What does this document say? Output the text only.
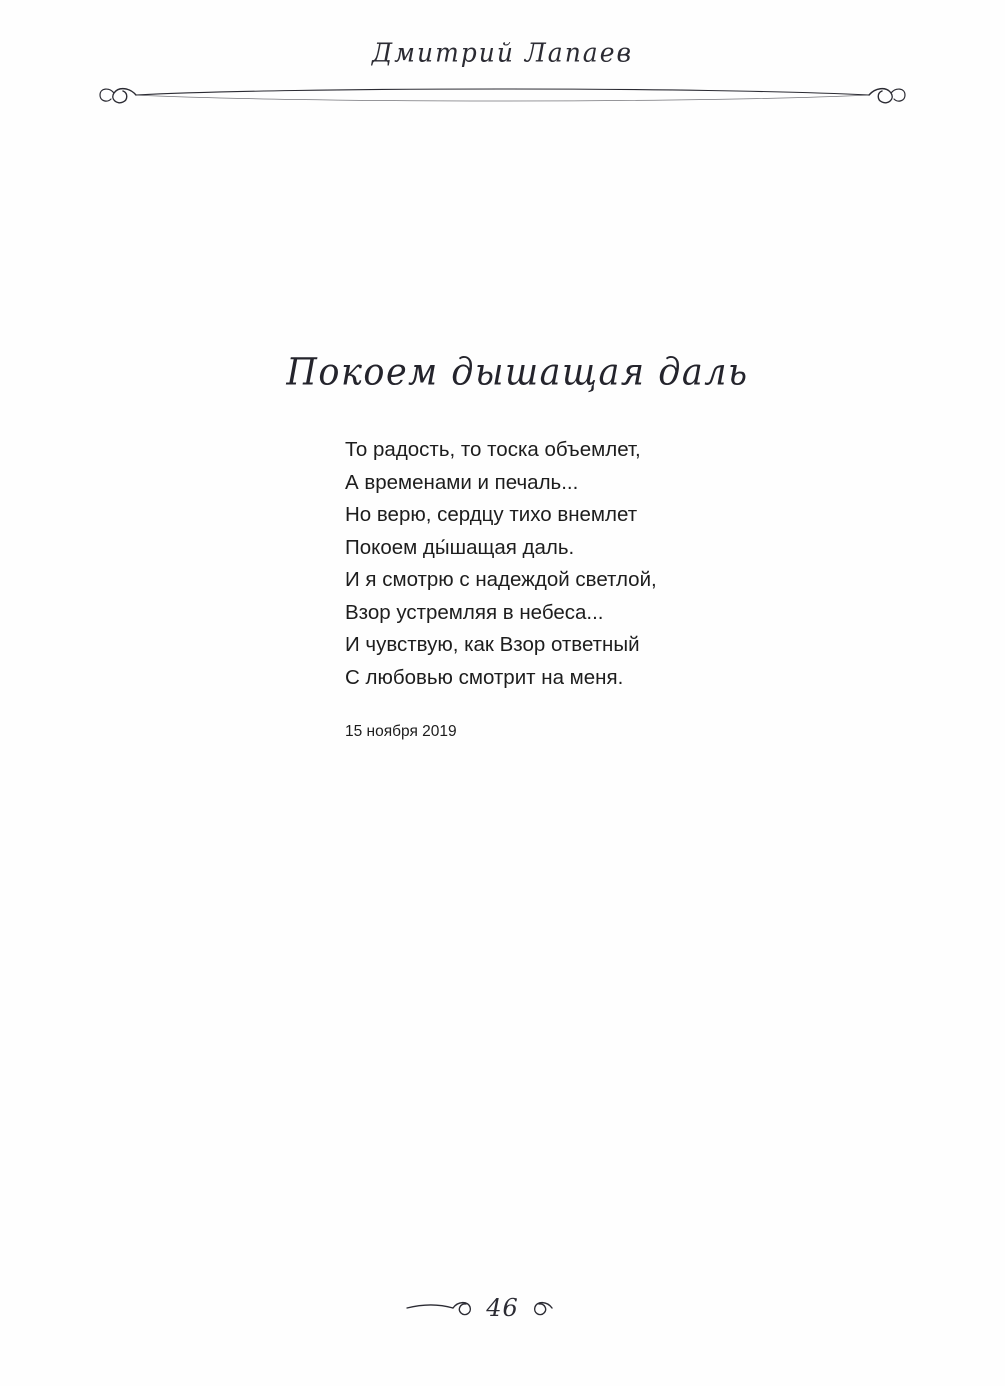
Дмитрий Лапаев
Покоем дышащая даль
То радость, то тоска объемлет,
А временами и печаль...
Но верю, сердцу тихо внемлет
Покоем ды́шащая даль.
И я смотрю с надеждой светлой,
Взор устремляя в небеса...
И чувствую, как Взор ответный
С любовью смотрит на меня.
15 ноября 2019
46
